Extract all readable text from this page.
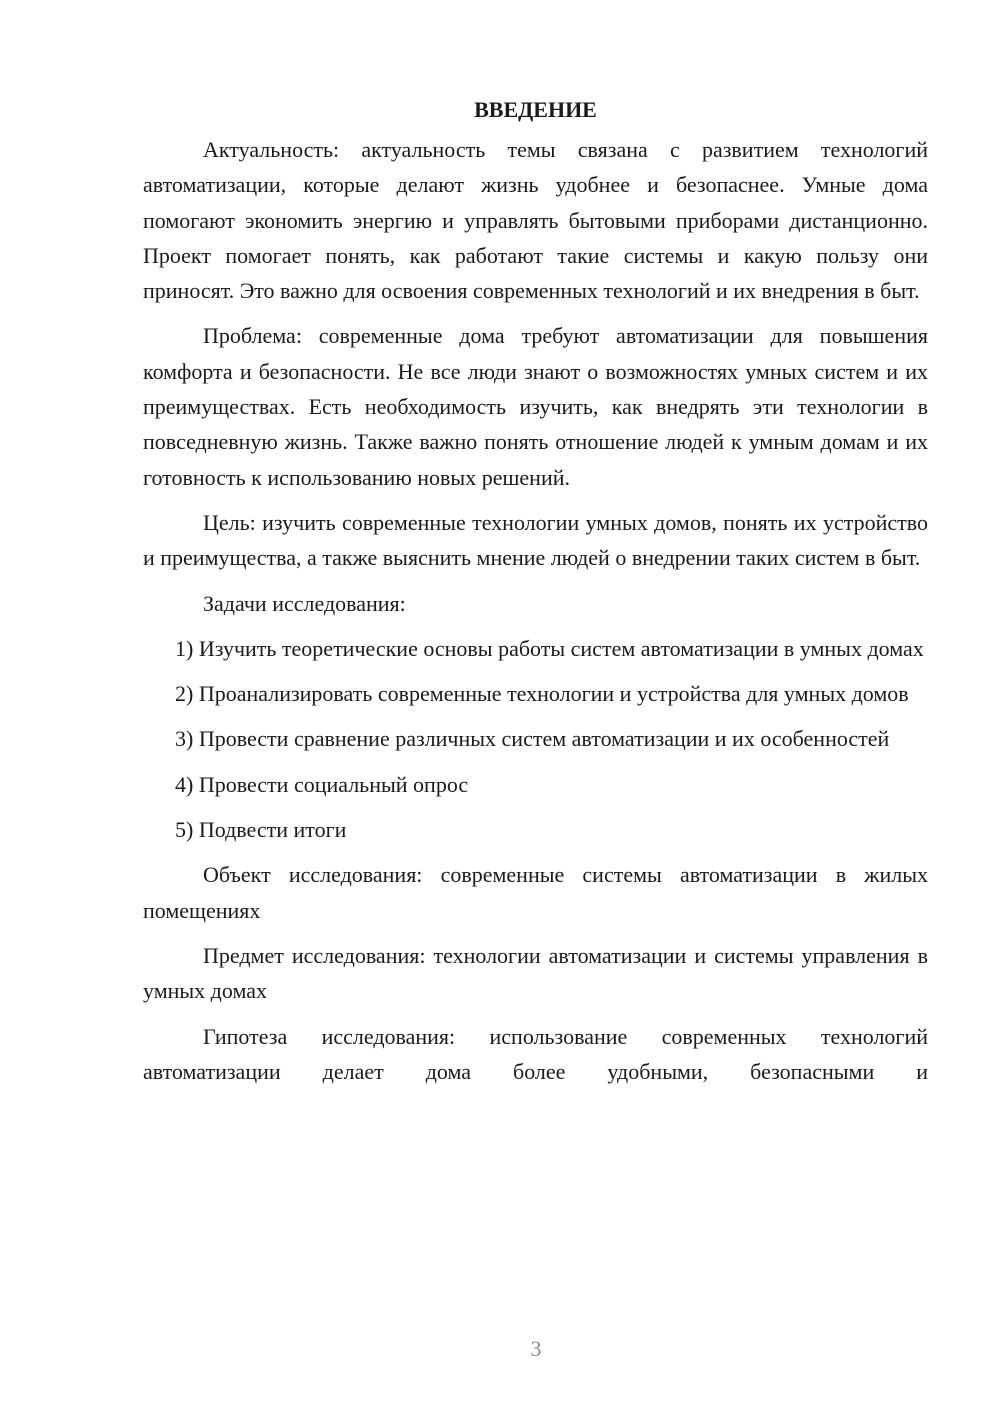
ВВЕДЕНИЕ

Актуальность: актуальность темы связана с развитием технологий автоматизации, которые делают жизнь удобнее и безопаснее. Умные дома помогают экономить энергию и управлять бытовыми приборами дистанционно. Проект помогает понять, как работают такие системы и какую пользу они приносят. Это важно для освоения современных технологий и их внедрения в быт.

Проблема: современные дома требуют автоматизации для повышения комфорта и безопасности. Не все люди знают о возможностях умных систем и их преимуществах. Есть необходимость изучить, как внедрять эти технологии в повседневную жизнь. Также важно понять отношение людей к умным домам и их готовность к использованию новых решений.

Цель: изучить современные технологии умных домов, понять их устройство и преимущества, а также выяснить мнение людей о внедрении таких систем в быт.

Задачи исследования:

1) Изучить теоретические основы работы систем автоматизации в умных домах

2) Проанализировать современные технологии и устройства для умных домов

3) Провести сравнение различных систем автоматизации и их особенностей

4) Провести социальный опрос

5) Подвести итоги

Объект исследования: современные системы автоматизации в жилых помещениях

Предмет исследования: технологии автоматизации и системы управления в умных домах

Гипотеза исследования: использование современных технологий автоматизации делает дома более удобными, безопасными и

3
